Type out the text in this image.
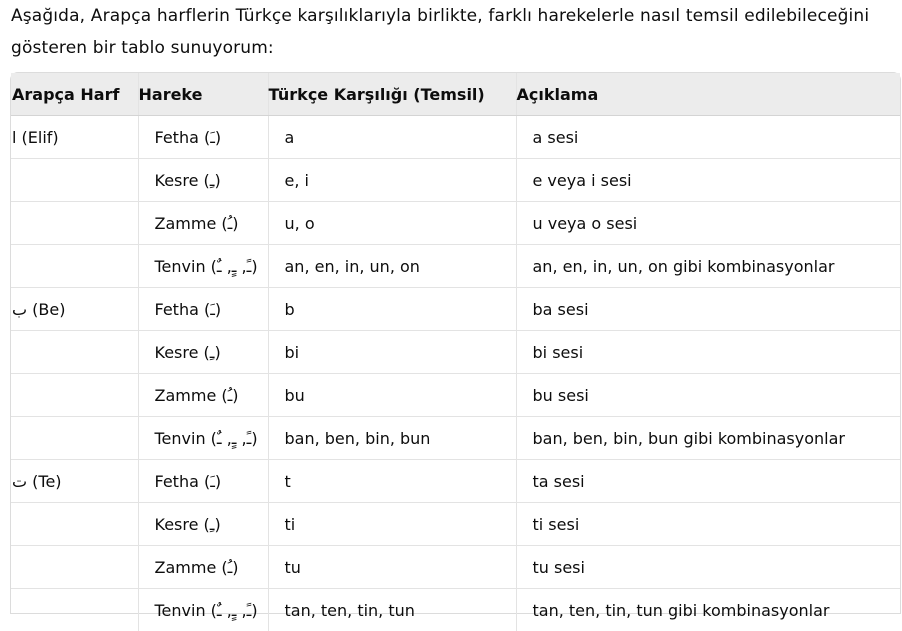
Aşağıda, Arapça harflerin Türkçe karşılıklarıyla birlikte, farklı harekelerle nasıl temsil edilebileceğini
gösteren bir tablo sunuyorum:

Arapça Harf	Hareke	Türkçe Karşılığı (Temsil)	Açıklama
ا (Elif)	Fetha (ـَ)	a	a sesi
	Kesre (ـِ)	e, i	e veya i sesi
	Zamme (ـُ)	u, o	u veya o sesi
	Tenvin (ـً, ـٍ, ـٌ)	an, en, in, un, on	an, en, in, un, on gibi kombinasyonlar
ب (Be)	Fetha (ـَ)	b	ba sesi
	Kesre (ـِ)	bi	bi sesi
	Zamme (ـُ)	bu	bu sesi
	Tenvin (ـً, ـٍ, ـٌ)	ban, ben, bin, bun	ban, ben, bin, bun gibi kombinasyonlar
ت (Te)	Fetha (ـَ)	t	ta sesi
	Kesre (ـِ)	ti	ti sesi
	Zamme (ـُ)	tu	tu sesi
	Tenvin (ـً, ـٍ, ـٌ)	tan, ten, tin, tun	tan, ten, tin, tun gibi kombinasyonlar
